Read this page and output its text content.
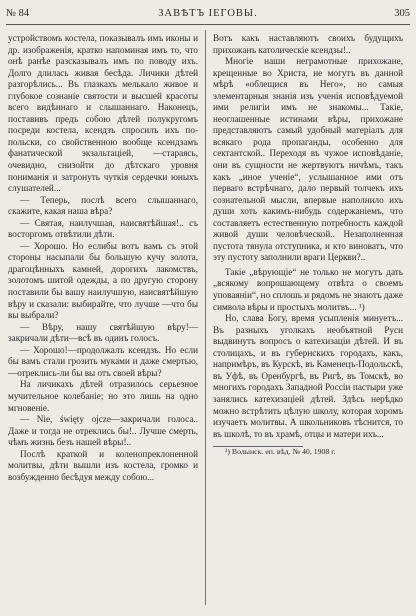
№ 84	ЗАВѢТЪ ІЕГОВЫ.	305

устройствомъ костела, показывалъ имъ иконы и др. изображенія, кратко напоминая имъ то, что онѣ ранѣе разсказывалъ имъ по поводу ихъ. Долго длилась живая бесѣда. Личики дѣтей разгорѣлись... Въ глазкахъ мелькало живое и глубокое сознаніе святости и высшей красоты всего видѣннаго и слышаннаго. Наконецъ, поставивъ предъ собою дѣтей полукругомъ посреди костела, ксендзъ спросилъ ихъ по-польски, со свойственною вообще ксендзамъ фанатической экзальтаціей, —стараясь, очевидно, снизойти до дѣтскаго уровня пониманія и затронуть чуткія сердечки юныхъ слушателей...

— Теперь, послѣ всего слышаннаго, скажите, какая наша вѣра?

— Святая, наилучшая, наисвятѣйшая!.. съ восторгомъ отвѣтили дѣти.

— Хорошо. Но еслибы вотъ вамъ съ этой стороны насыпали бы большую кучу золота, драгоцѣнныхъ камней, дорогихъ лакомствъ, золотомъ шитой одежды, а по другую сторону поставили бы вашу наилучшую, наисвятѣйшую вѣру и сказали: выбирайте, что лучше —что бы вы выбрали?

— Вѣру, нашу святѣйшую вѣру!— закричали дѣти—всѣ въ одинъ голосъ.

— Хорошо!—продолжалъ ксендзъ. Но если бы вамъ стали грозить муками и даже смертью,—отреклись-ли бы вы отъ своей вѣры?

На личикахъ дѣтей отразилось серьезное мучительное колебаніе; но это лишь на одно мгновеніе.

— Nie, święty ojcze—закричали голоса.. Даже и тогда не отреклись бы!.. Лучше смерть, чѣмъ жизнь безъ нашей вѣры!..

Послѣ краткой и коленопреклоненной молитвы, дѣти вышли изъ костела, громко и возбужденно бесѣдуя между собою...

Вотъ какъ наставляютъ своихъ будущихъ прихожанъ католическіе ксендзы!..

Многіе наши неграмотные прихожане, крещенные во Христа, не могутъ въ данной мѣрѣ «облещися въ Него», но самыя элементарныя знанія изъ ученія исповѣдуемой ими религіи имъ не знакомы... Такіе, неоглашенные истинами вѣры, прихожане представляютъ самый удобный матеріалъ для всякаго рода пропаганды, особенно для сектантской.. Переходя въ чужое исповѣданіе, они въ сущности не жертвуютъ ничѣмъ, такъ какъ „иное ученіе“, услышанное ими отъ перваго встрѣчнаго, дало первый толчекъ ихъ сознательной мысли, впервые наполнило ихъ души хоть какимъ-нибудь содержаніемъ, что составляетъ естественную потребность каждой живой души человѣческой.. Незаполненная пустота тянула отступника, и кто виноватъ, что эту пустоту заполнили враги Церкви?..

Такіе „вѣрующіе“ не только не могутъ дать „всякому вопрошающему отвѣта о своемъ уповаяніи“, но сплошь и рядомъ не знаютъ даже символа вѣры и простыхъ молитвъ... ¹)

Но, слава Богу, время усыпленія минуетъ... Въ разныхъ уголкахъ необъятной Руси выдвинутъ вопросъ о катехизаціи дѣтей. И въ столицахъ, и въ губернскихъ городахъ, какъ, напримѣръ, въ Курскѣ, въ Каменецъ-Подольскѣ, въ Уфѣ, въ Оренбургѣ, въ Ригѣ, въ Томскѣ, во многихъ городахъ Западной Россіи пастыри уже занялись катехизаціей дѣтей. Здѣсь нерѣдко можно встрѣтить цѣлую школу, которая хоромъ изучаетъ молитвы. А школьниковъ тѣснится, то въ школѣ, то въ храмѣ, отцы и матери ихъ...

¹) Волынск. еп. вѣд. № 40, 1908 г.
